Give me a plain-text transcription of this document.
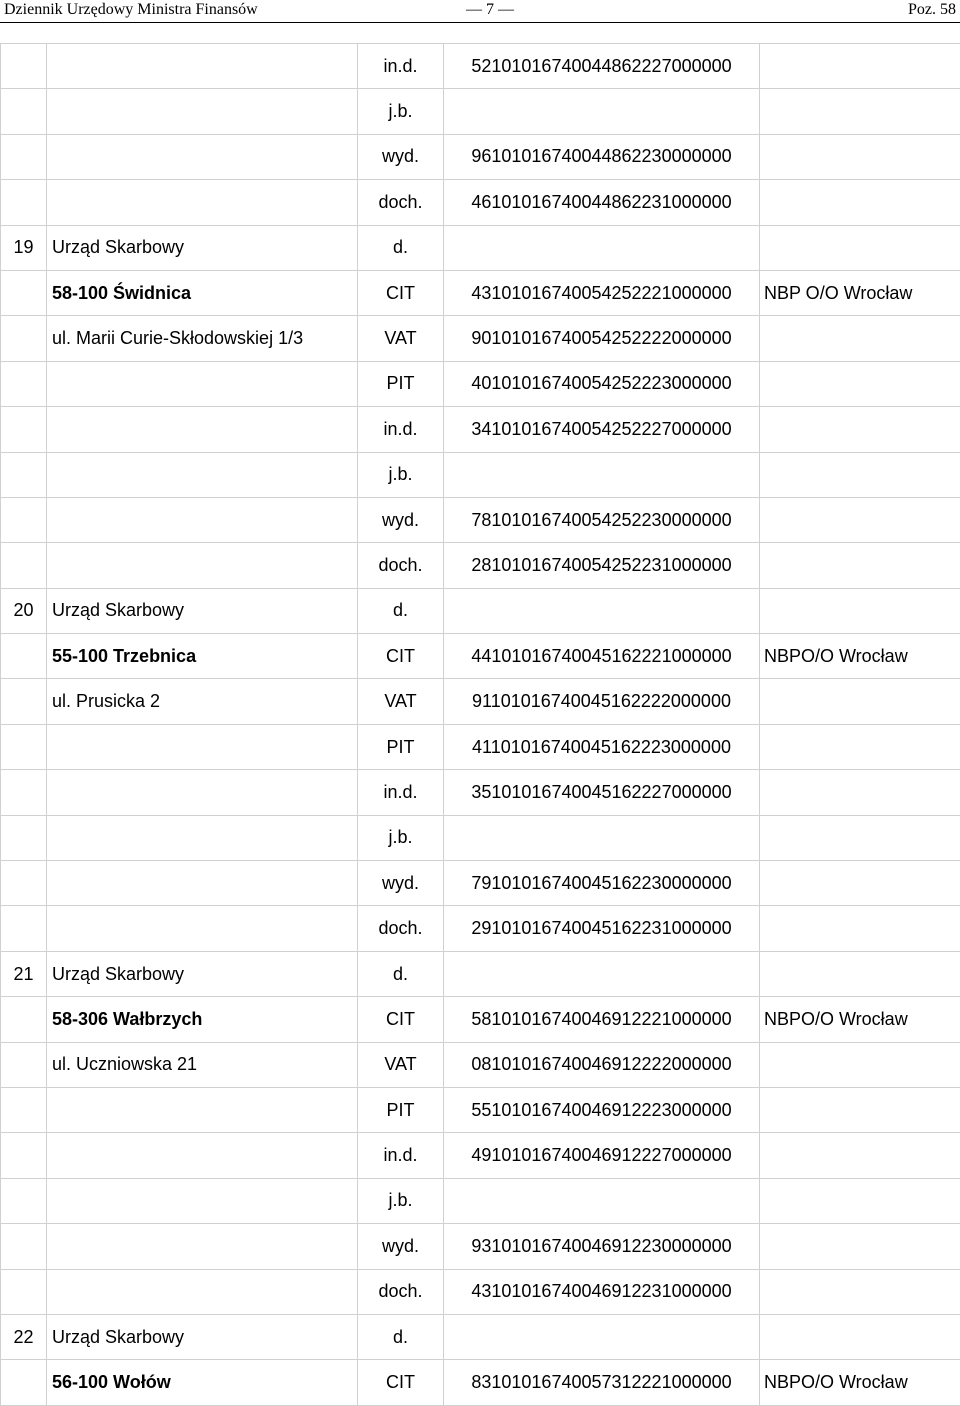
Dziennik Urzędowy Ministra Finansów	— 7 —	Poz. 58
		in.d.	52101016740044862227000000	
		j.b.		
		wyd.	96101016740044862230000000	
		doch.	46101016740044862231000000	
19	Urząd Skarbowy	d.		
	58-100 Świdnica	CIT	43101016740054252221000000	NBP O/O Wrocław
	ul. Marii Curie-Skłodowskiej 1/3	VAT	90101016740054252222000000	
		PIT	40101016740054252223000000	
		in.d.	34101016740054252227000000	
		j.b.		
		wyd.	78101016740054252230000000	
		doch.	28101016740054252231000000	
20	Urząd Skarbowy	d.		
	55-100 Trzebnica	CIT	44101016740045162221000000	NBPO/O Wrocław
	ul. Prusicka 2	VAT	91101016740045162222000000	
		PIT	41101016740045162223000000	
		in.d.	35101016740045162227000000	
		j.b.		
		wyd.	79101016740045162230000000	
		doch.	29101016740045162231000000	
21	Urząd Skarbowy	d.		
	58-306 Wałbrzych	CIT	58101016740046912221000000	NBPO/O Wrocław
	ul. Uczniowska 21	VAT	08101016740046912222000000	
		PIT	55101016740046912223000000	
		in.d.	49101016740046912227000000	
		j.b.		
		wyd.	93101016740046912230000000	
		doch.	43101016740046912231000000	
22	Urząd Skarbowy	d.		
	56-100 Wołów	CIT	83101016740057312221000000	NBPO/O Wrocław
